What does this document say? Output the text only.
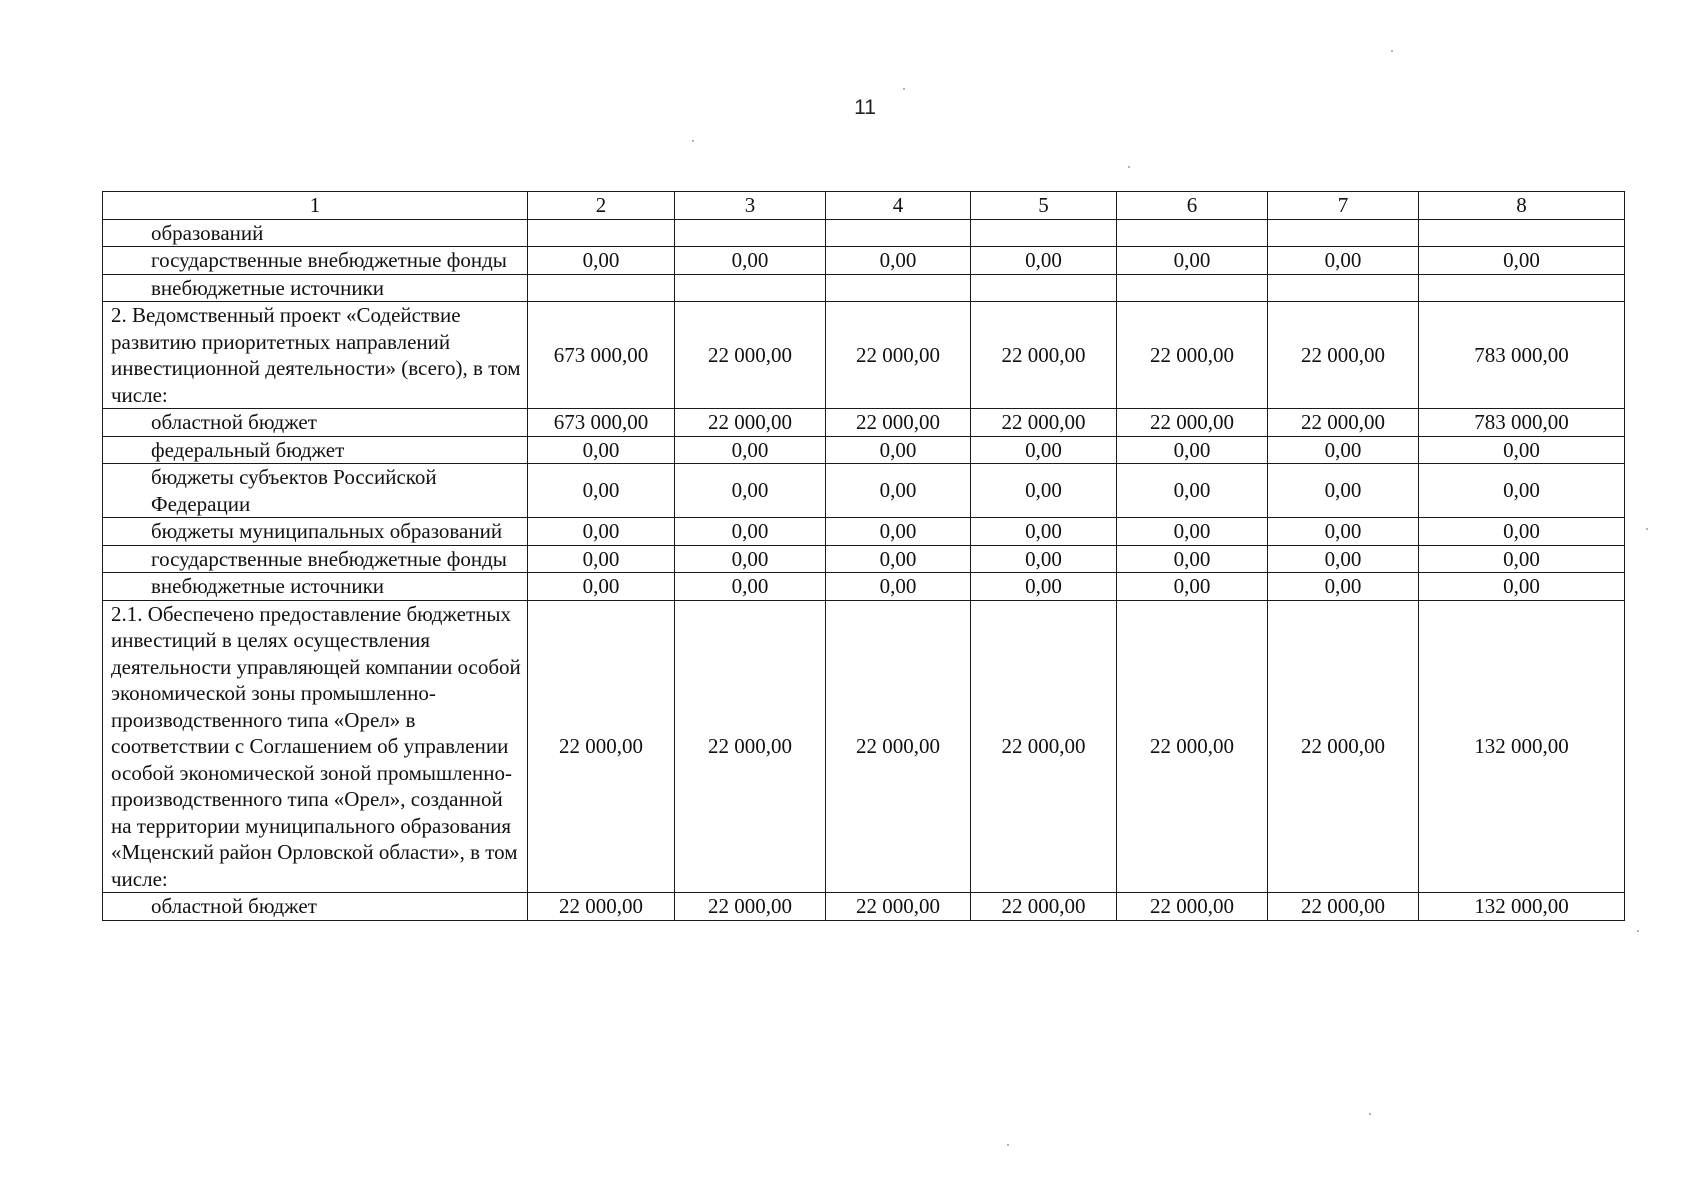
11
1	2	3	4	5	6	7	8
образований							
государственные внебюджетные фонды	0,00	0,00	0,00	0,00	0,00	0,00	0,00
внебюджетные источники							
2. Ведомственный проект «Содействие развитию приоритетных направлений инвестиционной деятельности» (всего), в том числе:	673 000,00	22 000,00	22 000,00	22 000,00	22 000,00	22 000,00	783 000,00
областной бюджет	673 000,00	22 000,00	22 000,00	22 000,00	22 000,00	22 000,00	783 000,00
федеральный бюджет	0,00	0,00	0,00	0,00	0,00	0,00	0,00
бюджеты субъектов Российской Федерации	0,00	0,00	0,00	0,00	0,00	0,00	0,00
бюджеты муниципальных образований	0,00	0,00	0,00	0,00	0,00	0,00	0,00
государственные внебюджетные фонды	0,00	0,00	0,00	0,00	0,00	0,00	0,00
внебюджетные источники	0,00	0,00	0,00	0,00	0,00	0,00	0,00
2.1. Обеспечено предоставление бюджетных инвестиций в целях осуществления деятельности управляющей компании особой экономической зоны промышленно-производственного типа «Орел» в соответствии с Соглашением об управлении особой экономической зоной промышленно-производственного типа «Орел», созданной на территории муниципального образования «Мценский район Орловской области», в том числе:	22 000,00	22 000,00	22 000,00	22 000,00	22 000,00	22 000,00	132 000,00
областной бюджет	22 000,00	22 000,00	22 000,00	22 000,00	22 000,00	22 000,00	132 000,00
